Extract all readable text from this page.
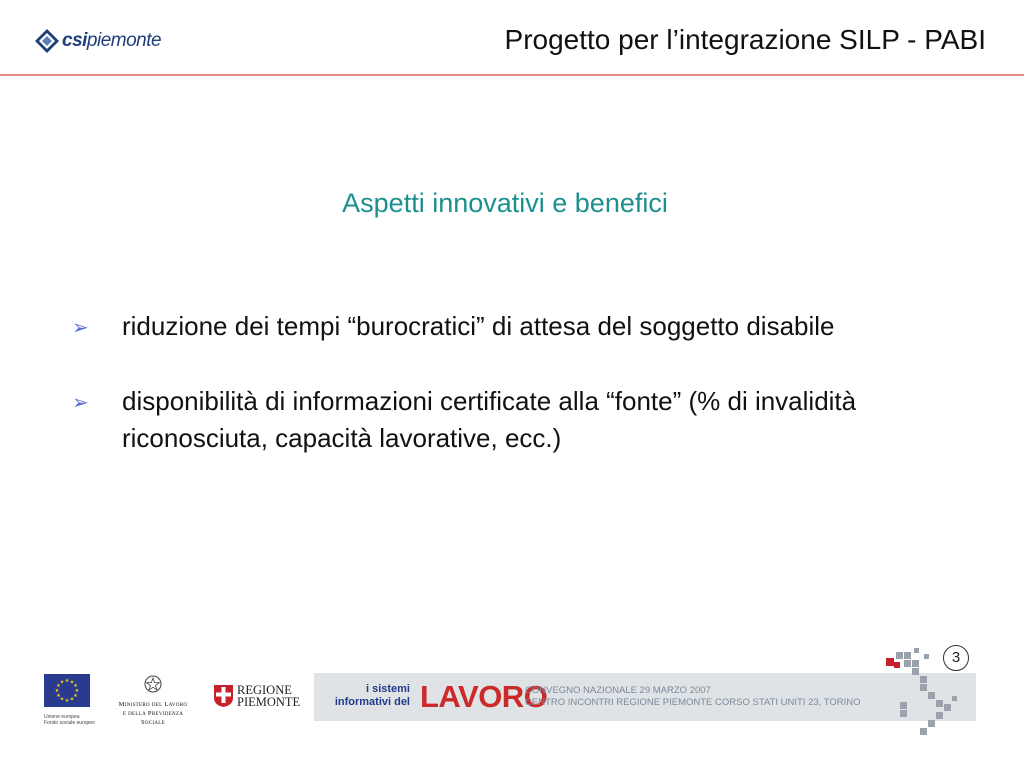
csipiemonte	Progetto per l’integrazione SILP - PABI
Aspetti innovativi e benefici
➢	riduzione dei tempi “burocratici” di attesa del soggetto disabile
➢	disponibilità di informazioni certificate alla “fonte” (% di invalidità riconosciuta, capacità lavorative, ecc.)
3
★ ★
★
★
★
★
★
★
★
★
★
★
Unione europea
Fondo sociale europeo
Ministero del Lavoro
e della Previdenza Sociale
REGIONE
PIEMONTE
i sistemi
informativi del LAVORO
CONVEGNO NAZIONALE 29 MARZO 2007
CENTRO INCONTRI REGIONE PIEMONTE CORSO STATI UNITI 23, TORINO
